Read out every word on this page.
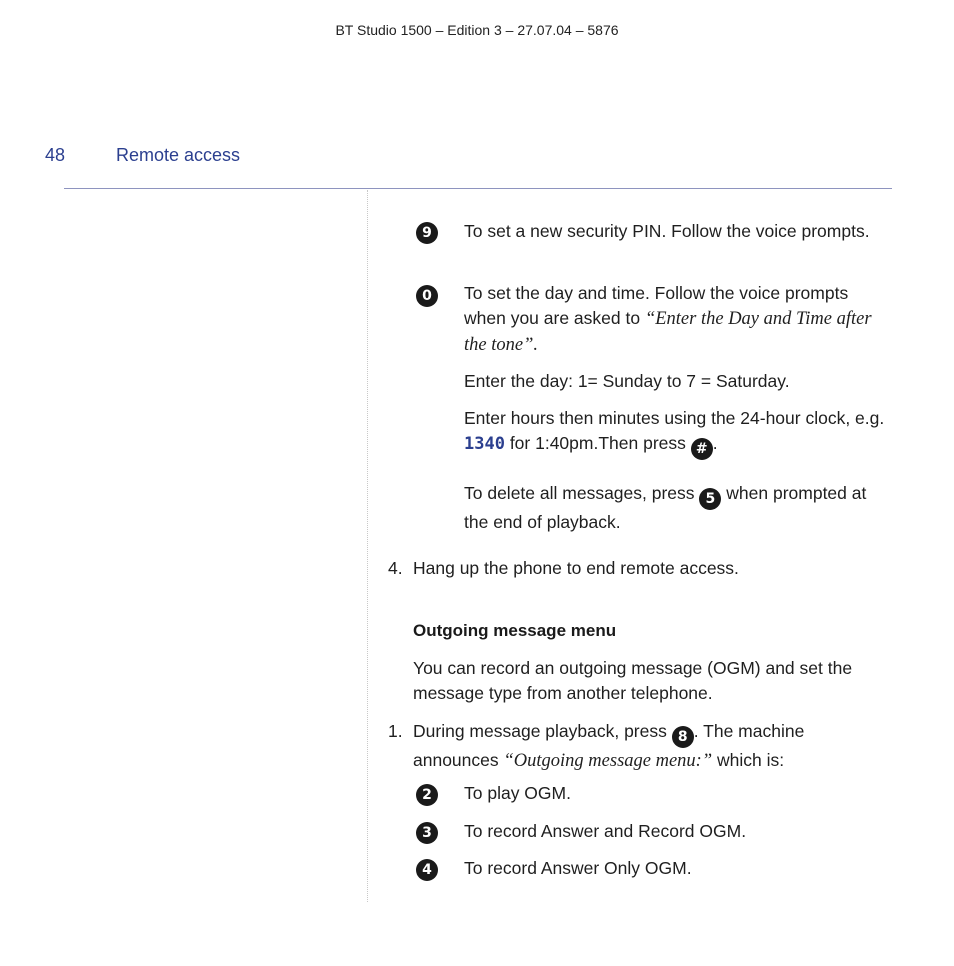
BT Studio 1500 – Edition 3 – 27.07.04 – 5876
48	Remote access
9	To set a new security PIN. Follow the voice prompts.
0	To set the day and time. Follow the voice prompts when you are asked to “Enter the Day and Time after the tone”.
Enter the day: 1= Sunday to 7 = Saturday.
Enter hours then minutes using the 24-hour clock, e.g. 1340 for 1:40pm.Then press # .
To delete all messages, press 5 when prompted at the end of playback.
4. Hang up the phone to end remote access.
Outgoing message menu
You can record an outgoing message (OGM) and set the message type from another telephone.
1. During message playback, press 8 . The machine announces “Outgoing message menu:” which is:
2	To play OGM.
3	To record Answer and Record OGM.
4	To record Answer Only OGM.
